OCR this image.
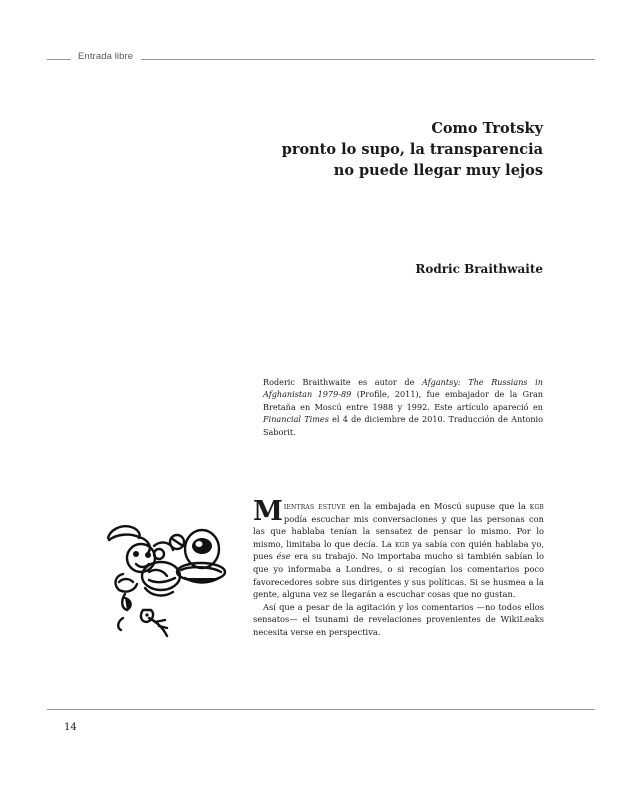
Entrada libre
Como Trotsky
pronto lo supo, la transparencia
no puede llegar muy lejos
Rodric Braithwaite
Roderic Braithwaite es autor de Afgantsy: The Russians in Afghanistan 1979-89 (Profile, 2011), fue embajador de la Gran Bretaña en Moscú entre 1988 y 1992. Este artículo apareció en Financial Times el 4 de diciembre de 2010. Traducción de Antonio Saborit.

Mientras estuve en la embajada en Moscú supuse que la kgb podía escuchar mis conversaciones y que las personas con las que hablaba tenían la sensatez de pensar lo mismo. Por lo mismo, limitaba lo que decía. La kgb ya sabía con quién hablaba yo, pues ése era su trabajo. No importaba mucho si también sabían lo que yo informaba a Londres, o si recogían los comentarios poco favorecedores sobre sus dirigentes y sus políticas. Si se husmea a la gente, alguna vez se llegarán a escuchar cosas que no gustan.

Así que a pesar de la agitación y los comentarios —no todos ellos sensatos— el tsunami de revelaciones provenientes de WikiLeaks necesita verse en perspectiva.

14
